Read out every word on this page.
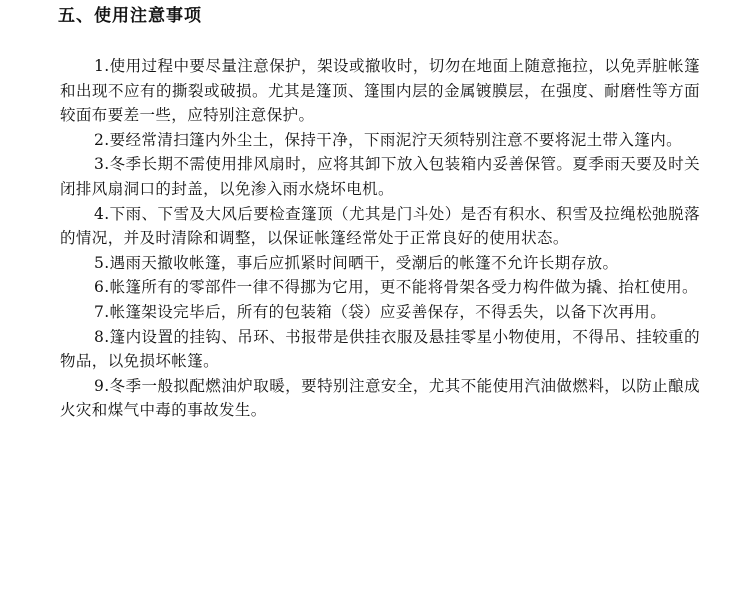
五、使用注意事项

1.使用过程中要尽量注意保护，架设或撤收时，切勿在地面上随意拖拉，以免弄脏帐篷和出现不应有的撕裂或破损。尤其是篷顶、篷围内层的金属镀膜层，在强度、耐磨性等方面较面布要差一些，应特别注意保护。

2.要经常清扫篷内外尘土，保持干净，下雨泥泞天须特别注意不要将泥土带入篷内。

3.冬季长期不需使用排风扇时，应将其卸下放入包装箱内妥善保管。夏季雨天要及时关闭排风扇洞口的封盖，以免渗入雨水烧坏电机。

4.下雨、下雪及大风后要检查篷顶（尤其是门斗处）是否有积水、积雪及拉绳松弛脱落的情况，并及时清除和调整，以保证帐篷经常处于正常良好的使用状态。

5.遇雨天撤收帐篷，事后应抓紧时间晒干，受潮后的帐篷不允许长期存放。

6.帐篷所有的零部件一律不得挪为它用，更不能将骨架各受力构件做为撬、抬杠使用。

7.帐篷架设完毕后，所有的包装箱（袋）应妥善保存，不得丢失，以备下次再用。

8.篷内设置的挂钩、吊环、书报带是供挂衣服及悬挂零星小物使用，不得吊、挂较重的物品，以免损坏帐篷。

9.冬季一般拟配燃油炉取暖，要特别注意安全，尤其不能使用汽油做燃料，以防止酿成火灾和煤气中毒的事故发生。
